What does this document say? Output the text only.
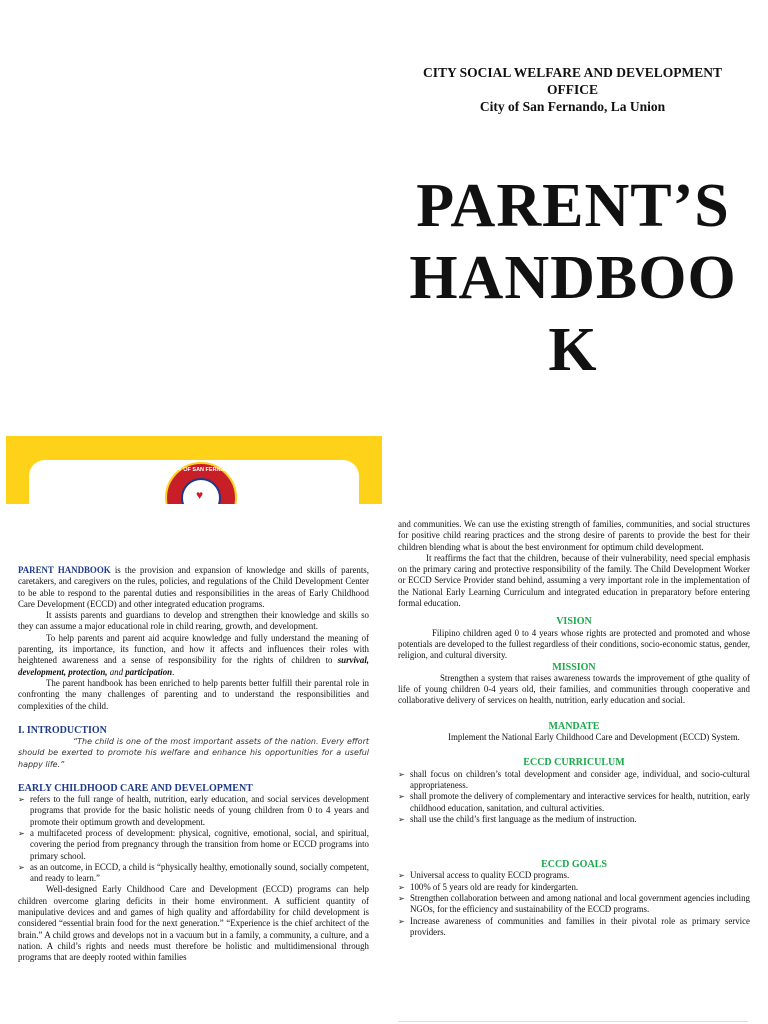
CITY SOCIAL WELFARE AND DEVELOPMENT
OFFICE
City of San Fernando, La Union
PARENT’S
HANDBOO
K
CITY OF SAN FERNANDO
♥

PARENT HANDBOOK is the provision and expansion of knowledge and skills of parents, caretakers, and caregivers on the rules, policies, and regulations of the Child Development Center to be able to respond to the parental duties and responsibilities in the areas of Early Childhood Care Development (ECCD) and other integrated education programs.

It assists parents and guardians to develop and strengthen their knowledge and skills so they can assume a major educational role in child rearing, growth, and development.

To help parents and parent aid acquire knowledge and fully understand the meaning of parenting, its importance, its function, and how it affects and influences their roles with heightened awareness and a sense of responsibility for the rights of children to survival, development, protection, and participation.

The parent handbook has been enriched to help parents better fulfill their parental role in confronting the many challenges of parenting and to understand the responsibilities and complexities of the child.

I. INTRODUCTION

“The child is one of the most important assets of the nation. Every effort should be exerted to promote his welfare and enhance his opportunities for a useful happy life.”

EARLY CHILDHOOD CARE AND DEVELOPMENT
➢ refers to the full range of health, nutrition, early education, and social services development programs that provide for the basic holistic needs of young children from 0 to 4 years and promote their optimum growth and development.
➢ a multifaceted process of development: physical, cognitive, emotional, social, and spiritual, covering the period from pregnancy through the transition from home or ECCD programs into primary school.
➢ as an outcome, in ECCD, a child is “physically healthy, emotionally sound, socially competent, and ready to learn.”

Well-designed Early Childhood Care and Development (ECCD) programs can help children overcome glaring deficits in their home environment. A sufficient quantity of manipulative devices and and games of high quality and affordability for child development is considered “essential brain food for the next generation.” “Experience is the chief architect of the brain.” A child grows and develops not in a vacuum but in a family, a community, a culture, and a nation. A child’s rights and needs must therefore be holistic and multidimensional through programs that are deeply rooted within families

and communities. We can use the existing strength of families, communities, and social structures for positive child rearing practices and the strong desire of parents to provide the best for their children blending what is about the best environment for optimum child development.

It reaffirms the fact that the children, because of their vulnerability, need special emphasis on the primary caring and protective responsibility of the family. The Child Development Worker or ECCD Service Provider stand behind, assuming a very important role in the implementation of the National Early Learning Curriculum and integrated education in preparatory before entering formal education.

VISION

Filipino children aged 0 to 4 years whose rights are protected and promoted and whose potentials are developed to the fullest regardless of their conditions, socio-economic status, gender, religion, and cultural diversity.

MISSION

Strengthen a system that raises awareness towards the improvement of gthe quality of life of young children 0-4 years old, their families, and communities through cooperative and collaborative delivery of services on health, nutrition, early education and social.

MANDATE

Implement the National Early Childhood Care and Development (ECCD) System.

ECCD CURRICULUM
➢ shall focus on children’s total development and consider age, individual, and socio-cultural appropriateness.
➢ shall promote the delivery of complementary and interactive services for health, nutrition, early childhood education, sanitation, and cultural activities.
➢ shall use the child’s first language as the medium of instruction.
ECCD GOALS
➢ Universal access to quality ECCD programs.
➢ 100% of 5 years old are ready for kindergarten.
➢ Strengthen collaboration between and among national and local government agencies including NGOs, for the efficiency and sustainability of the ECCD programs.
➢ Increase awareness of communities and families in their pivotal role as primary service providers.
